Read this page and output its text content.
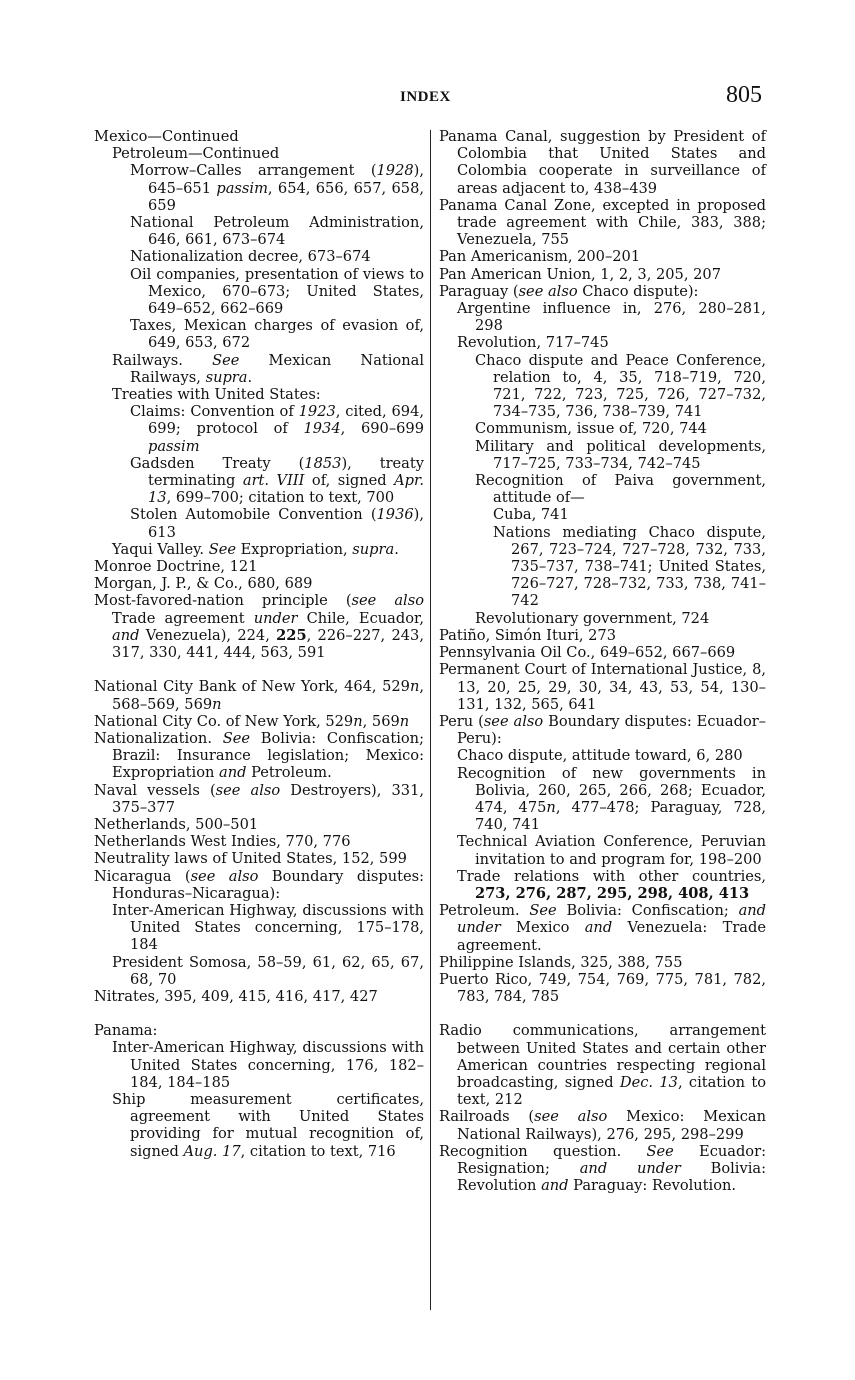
INDEX	805
Mexico—Continued
Petroleum—Continued
Morrow–Calles arrangement (1928), 645–651 passim, 654, 656, 657, 658, 659
National Petroleum Administration, 646, 661, 673–674
Nationalization decree, 673–674
Oil companies, presentation of views to Mexico, 670–673; United States, 649–652, 662–669
Taxes, Mexican charges of evasion of, 649, 653, 672
Railways. See Mexican National Railways, supra.
Treaties with United States:
Claims: Convention of 1923, cited, 694, 699; protocol of 1934, 690–699 passim
Gadsden Treaty (1853), treaty terminating art. VIII of, signed Apr. 13, 699–700; citation to text, 700
Stolen Automobile Convention (1936), 613
Yaqui Valley. See Expropriation, supra.
Monroe Doctrine, 121
Morgan, J. P., & Co., 680, 689
Most-favored-nation principle (see also Trade agreement under Chile, Ecuador, and Venezuela), 224, 225, 226–227, 243, 317, 330, 441, 444, 563, 591
National City Bank of New York, 464, 529n, 568–569, 569n
National City Co. of New York, 529n, 569n
Nationalization. See Bolivia: Confiscation; Brazil: Insurance legislation; Mexico: Expropriation and Petroleum.
Naval vessels (see also Destroyers), 331, 375–377
Netherlands, 500–501
Netherlands West Indies, 770, 776
Neutrality laws of United States, 152, 599
Nicaragua (see also Boundary disputes: Honduras–Nicaragua):
Inter-American Highway, discussions with United States concerning, 175–178, 184
President Somosa, 58–59, 61, 62, 65, 67, 68, 70
Nitrates, 395, 409, 415, 416, 417, 427
Panama:
Inter-American Highway, discussions with United States concerning, 176, 182–184, 184–185
Ship measurement certificates, agreement with United States providing for mutual recognition of, signed Aug. 17, citation to text, 716
Panama Canal, suggestion by President of Colombia that United States and Colombia cooperate in surveillance of areas adjacent to, 438–439
Panama Canal Zone, excepted in proposed trade agreement with Chile, 383, 388; Venezuela, 755
Pan Americanism, 200–201
Pan American Union, 1, 2, 3, 205, 207
Paraguay (see also Chaco dispute):
Argentine influence in, 276, 280–281, 298
Revolution, 717–745
Chaco dispute and Peace Conference, relation to, 4, 35, 718–719, 720, 721, 722, 723, 725, 726, 727–732, 734–735, 736, 738–739, 741
Communism, issue of, 720, 744
Military and political developments, 717–725, 733–734, 742–745
Recognition of Paiva government, attitude of—
Cuba, 741
Nations mediating Chaco dispute, 267, 723–724, 727–728, 732, 733, 735–737, 738–741; United States, 726–727, 728–732, 733, 738, 741–742
Revolutionary government, 724
Patiño, Simón Ituri, 273
Pennsylvania Oil Co., 649–652, 667–669
Permanent Court of International Justice, 8, 13, 20, 25, 29, 30, 34, 43, 53, 54, 130–131, 132, 565, 641
Peru (see also Boundary disputes: Ecuador–Peru):
Chaco dispute, attitude toward, 6, 280
Recognition of new governments in Bolivia, 260, 265, 266, 268; Ecuador, 474, 475n, 477–478; Paraguay, 728, 740, 741
Technical Aviation Conference, Peruvian invitation to and program for, 198–200
Trade relations with other countries, 273, 276, 287, 295, 298, 408, 413
Petroleum. See Bolivia: Confiscation; and under Mexico and Venezuela: Trade agreement.
Philippine Islands, 325, 388, 755
Puerto Rico, 749, 754, 769, 775, 781, 782, 783, 784, 785
Radio communications, arrangement between United States and certain other American countries respecting regional broadcasting, signed Dec. 13, citation to text, 212
Railroads (see also Mexico: Mexican National Railways), 276, 295, 298–299
Recognition question. See Ecuador: Resignation; and under Bolivia: Revolution and Paraguay: Revolution.
